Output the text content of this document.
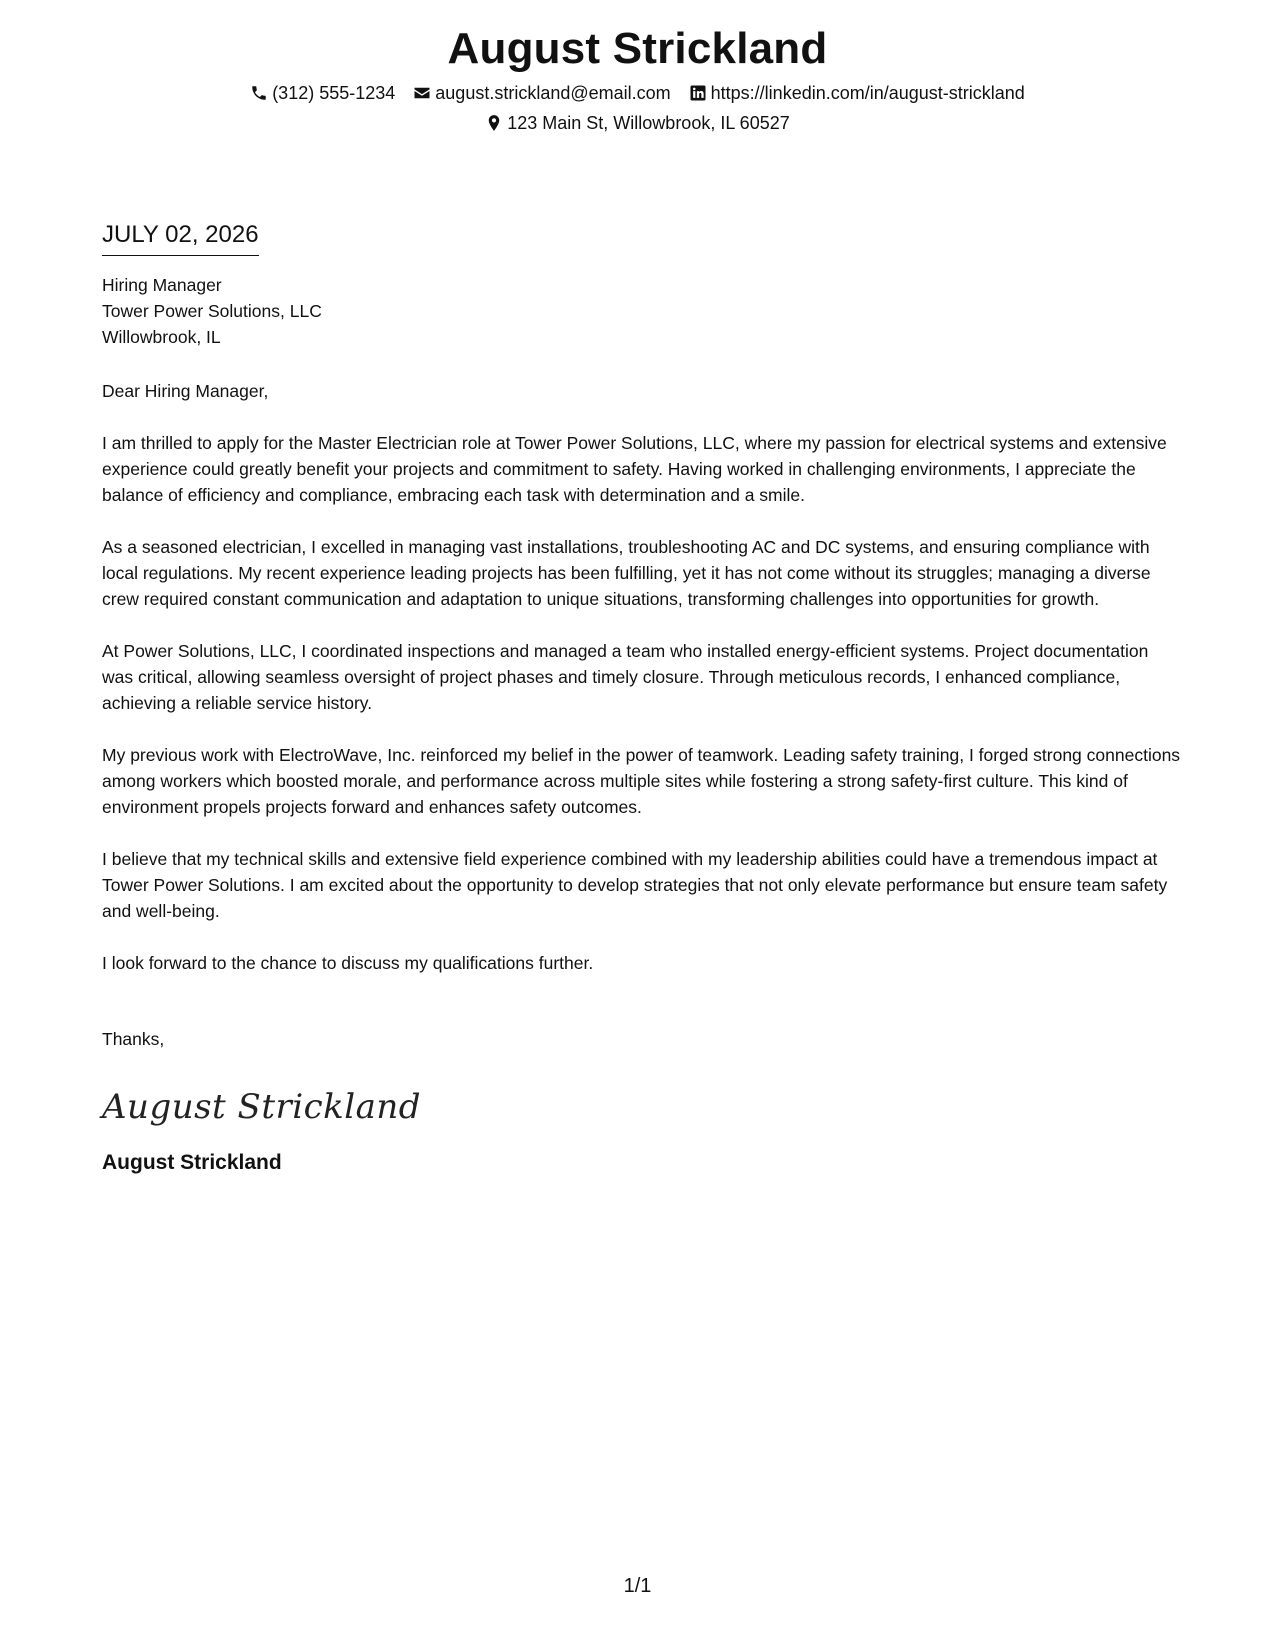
August Strickland
(312) 555-1234 august.strickland@email.com https://linkedin.com/in/august-strickland
123 Main St, Willowbrook, IL 60527
JULY 02, 2026
Hiring Manager
Tower Power Solutions, LLC
Willowbrook, IL
Dear Hiring Manager,
I am thrilled to apply for the Master Electrician role at Tower Power Solutions, LLC, where my passion for electrical systems and extensive experience could greatly benefit your projects and commitment to safety. Having worked in challenging environments, I appreciate the balance of efficiency and compliance, embracing each task with determination and a smile.
As a seasoned electrician, I excelled in managing vast installations, troubleshooting AC and DC systems, and ensuring compliance with local regulations. My recent experience leading projects has been fulfilling, yet it has not come without its struggles; managing a diverse crew required constant communication and adaptation to unique situations, transforming challenges into opportunities for growth.
At Power Solutions, LLC, I coordinated inspections and managed a team who installed energy-efficient systems. Project documentation was critical, allowing seamless oversight of project phases and timely closure. Through meticulous records, I enhanced compliance, achieving a reliable service history.
My previous work with ElectroWave, Inc. reinforced my belief in the power of teamwork. Leading safety training, I forged strong connections among workers which boosted morale, and performance across multiple sites while fostering a strong safety-first culture. This kind of environment propels projects forward and enhances safety outcomes.
I believe that my technical skills and extensive field experience combined with my leadership abilities could have a tremendous impact at Tower Power Solutions. I am excited about the opportunity to develop strategies that not only elevate performance but ensure team safety and well-being.
I look forward to the chance to discuss my qualifications further.
Thanks,
August Strickland
August Strickland
1/1
